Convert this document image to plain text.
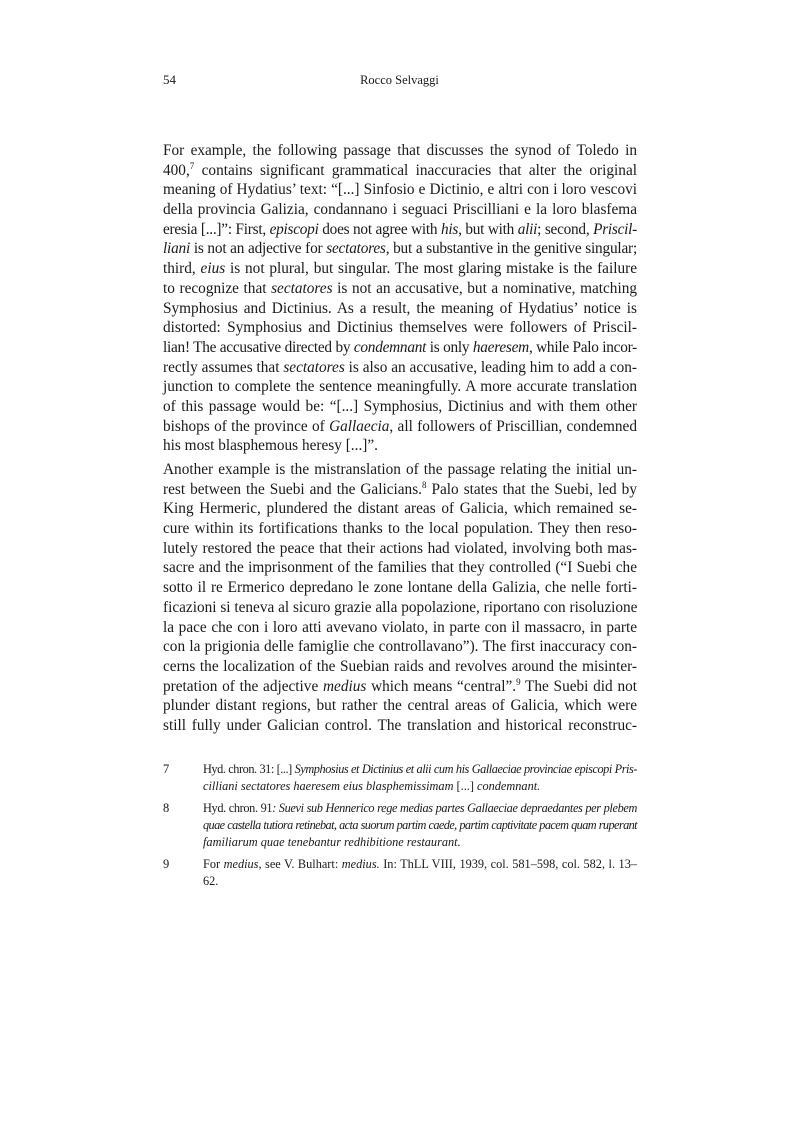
54	Rocco Selvaggi
For example, the following passage that discusses the synod of Toledo in
400,$^7$ contains significant grammatical inaccuracies that alter the original
meaning of Hydatius’ text: “[...] Sinfosio e Dictinio, e altri con i loro vescovi
della provincia Galizia, condannano i seguaci Priscilliani e la loro blasfema
eresia [...]”: First, episcopi does not agree with his, but with alii; second, Priscil-
liani is not an adjective for sectatores, but a substantive in the genitive singular;
third, eius is not plural, but singular. The most glaring mistake is the failure
to recognize that sectatores is not an accusative, but a nominative, matching
Symphosius and Dictinius. As a result, the meaning of Hydatius’ notice is
distorted: Symphosius and Dictinius themselves were followers of Priscil-
lian! The accusative directed by condemnant is only haeresem, while Palo incor-
rectly assumes that sectatores is also an accusative, leading him to add a con-
junction to complete the sentence meaningfully. A more accurate translation
of this passage would be: “[...] Symphosius, Dictinius and with them other
bishops of the province of Gallaecia, all followers of Priscillian, condemned
his most blasphemous heresy [...]”.
Another example is the mistranslation of the passage relating the initial un-
rest between the Suebi and the Galicians.$^8$ Palo states that the Suebi, led by
King Hermeric, plundered the distant areas of Galicia, which remained se-
cure within its fortifications thanks to the local population. They then reso-
lutely restored the peace that their actions had violated, involving both mas-
sacre and the imprisonment of the families that they controlled (“I Suebi che
sotto il re Ermerico depredano le zone lontane della Galizia, che nelle forti-
ficazioni si teneva al sicuro grazie alla popolazione, riportano con risoluzione
la pace che con i loro atti avevano violato, in parte con il massacro, in parte
con la prigionia delle famiglie che controllavano”). The first inaccuracy con-
cerns the localization of the Suebian raids and revolves around the misinter-
pretation of the adjective medius which means “central”.$^9$ The Suebi did not
plunder distant regions, but rather the central areas of Galicia, which were
still fully under Galician control. The translation and historical reconstruc-
7	Hyd. chron. 31: [...] Symphosius et Dictinius et alii cum his Gallaeciae provinciae episcopi Pris-
cilliani sectatores haeresem eius blasphemissimam [...] condemnant.
8	Hyd. chron. 91: Suevi sub Hennerico rege medias partes Gallaeciae depraedantes per plebem
quae castella tutiora retinebat, acta suorum partim caede, partim captivitate pacem quam ruperant
familiarum quae tenebantur redhibitione restaurant.
9	For medius, see V. Bulhart: medius. In: ThLL VIII, 1939, col. 581–598, col. 582, l. 13–
62.
